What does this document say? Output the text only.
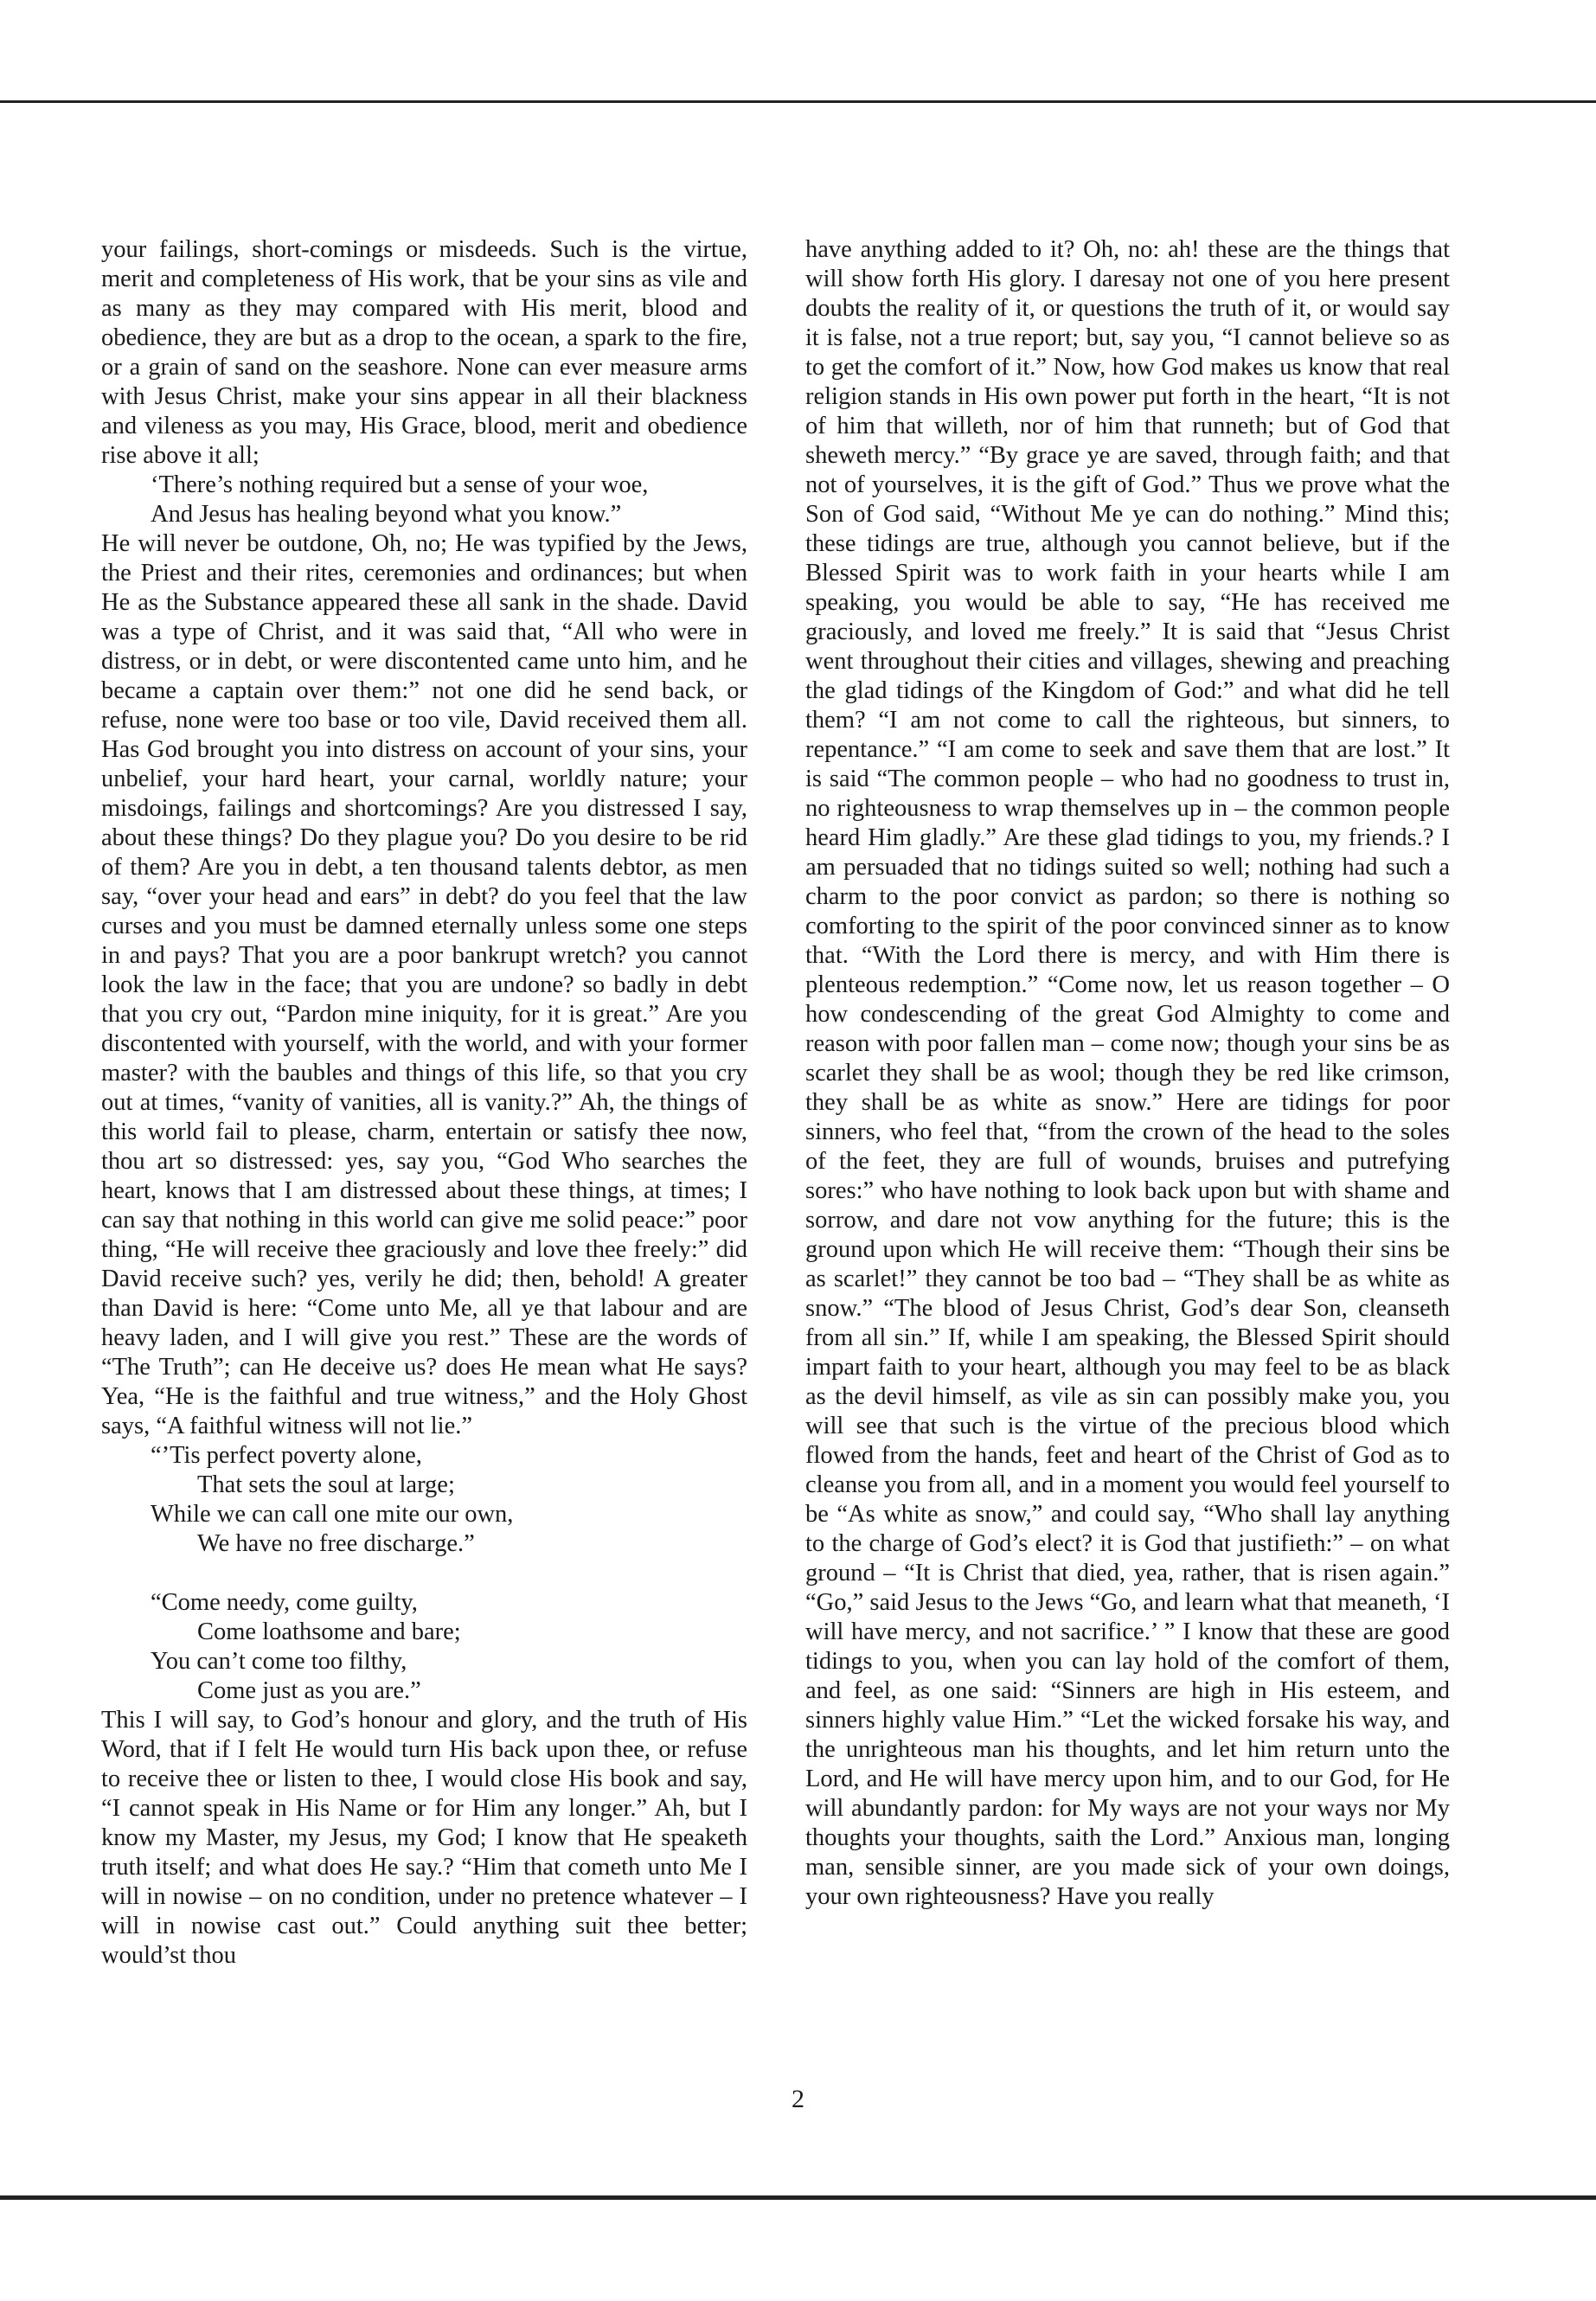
your failings, short-comings or misdeeds. Such is the virtue, merit and completeness of His work, that be your sins as vile and as many as they may compared with His merit, blood and obedience, they are but as a drop to the ocean, a spark to the fire, or a grain of sand on the seashore. None can ever measure arms with Jesus Christ, make your sins appear in all their blackness and vileness as you may, His Grace, blood, merit and obedience rise above it all;

‘There’s nothing required but a sense of your woe,
And Jesus has healing beyond what you know.”

He will never be outdone, Oh, no; He was typified by the Jews, the Priest and their rites, ceremonies and ordinances; but when He as the Substance appeared these all sank in the shade. David was a type of Christ, and it was said that, “All who were in distress, or in debt, or were discontented came unto him, and he became a captain over them:” not one did he send back, or refuse, none were too base or too vile, David received them all. Has God brought you into distress on account of your sins, your unbelief, your hard heart, your carnal, worldly nature; your misdoings, failings and shortcomings? Are you distressed I say, about these things? Do they plague you? Do you desire to be rid of them? Are you in debt, a ten thousand talents debtor, as men say, “over your head and ears” in debt? do you feel that the law curses and you must be damned eternally unless some one steps in and pays? That you are a poor bankrupt wretch? you cannot look the law in the face; that you are undone? so badly in debt that you cry out, “Pardon mine iniquity, for it is great.” Are you discontented with yourself, with the world, and with your former master? with the baubles and things of this life, so that you cry out at times, “vanity of vanities, all is vanity.?” Ah, the things of this world fail to please, charm, entertain or satisfy thee now, thou art so distressed: yes, say you, “God Who searches the heart, knows that I am distressed about these things, at times; I can say that nothing in this world can give me solid peace:” poor thing, “He will receive thee graciously and love thee freely:” did David receive such? yes, verily he did; then, behold! A greater than David is here: “Come unto Me, all ye that labour and are heavy laden, and I will give you rest.” These are the words of “The Truth”; can He deceive us? does He mean what He says? Yea, “He is the faithful and true witness,” and the Holy Ghost says, “A faithful witness will not lie.”

“’Tis perfect poverty alone,
That sets the soul at large;
While we can call one mite our own,
We have no free discharge.”
“Come needy, come guilty,
Come loathsome and bare;
You can’t come too filthy,
Come just as you are.”

This I will say, to God’s honour and glory, and the truth of His Word, that if I felt He would turn His back upon thee, or refuse to receive thee or listen to thee, I would close His book and say, “I cannot speak in His Name or for Him any longer.” Ah, but I know my Master, my Jesus, my God; I know that He speaketh truth itself; and what does He say.? “Him that cometh unto Me I will in nowise – on no condition, under no pretence whatever – I will in nowise cast out.” Could anything suit thee better; would’st thou

have anything added to it? Oh, no: ah! these are the things that will show forth His glory. I daresay not one of you here present doubts the reality of it, or questions the truth of it, or would say it is false, not a true report; but, say you, “I cannot believe so as to get the comfort of it.” Now, how God makes us know that real religion stands in His own power put forth in the heart, “It is not of him that willeth, nor of him that runneth; but of God that sheweth mercy.” “By grace ye are saved, through faith; and that not of yourselves, it is the gift of God.” Thus we prove what the Son of God said, “Without Me ye can do nothing.” Mind this; these tidings are true, although you cannot believe, but if the Blessed Spirit was to work faith in your hearts while I am speaking, you would be able to say, “He has received me graciously, and loved me freely.” It is said that “Jesus Christ went throughout their cities and villages, shewing and preaching the glad tidings of the Kingdom of God:” and what did he tell them? “I am not come to call the righteous, but sinners, to repentance.” “I am come to seek and save them that are lost.” It is said “The common people – who had no goodness to trust in, no righteousness to wrap themselves up in – the common people heard Him gladly.” Are these glad tidings to you, my friends.? I am persuaded that no tidings suited so well; nothing had such a charm to the poor convict as pardon; so there is nothing so comforting to the spirit of the poor convinced sinner as to know that. “With the Lord there is mercy, and with Him there is plenteous redemption.” “Come now, let us reason together – O how condescending of the great God Almighty to come and reason with poor fallen man – come now; though your sins be as scarlet they shall be as wool; though they be red like crimson, they shall be as white as snow.” Here are tidings for poor sinners, who feel that, “from the crown of the head to the soles of the feet, they are full of wounds, bruises and putrefying sores:” who have nothing to look back upon but with shame and sorrow, and dare not vow anything for the future; this is the ground upon which He will receive them: “Though their sins be as scarlet!” they cannot be too bad – “They shall be as white as snow.” “The blood of Jesus Christ, God’s dear Son, cleanseth from all sin.” If, while I am speaking, the Blessed Spirit should impart faith to your heart, although you may feel to be as black as the devil himself, as vile as sin can possibly make you, you will see that such is the virtue of the precious blood which flowed from the hands, feet and heart of the Christ of God as to cleanse you from all, and in a moment you would feel yourself to be “As white as snow,” and could say, “Who shall lay anything to the charge of God’s elect? it is God that justifieth:” – on what ground – “It is Christ that died, yea, rather, that is risen again.” “Go,” said Jesus to the Jews “Go, and learn what that meaneth, ‘I will have mercy, and not sacrifice.’ ” I know that these are good tidings to you, when you can lay hold of the comfort of them, and feel, as one said: “Sinners are high in His esteem, and sinners highly value Him.” “Let the wicked forsake his way, and the unrighteous man his thoughts, and let him return unto the Lord, and He will have mercy upon him, and to our God, for He will abundantly pardon: for My ways are not your ways nor My thoughts your thoughts, saith the Lord.” Anxious man, longing man, sensible sinner, are you made sick of your own doings, your own righteousness? Have you really

2
